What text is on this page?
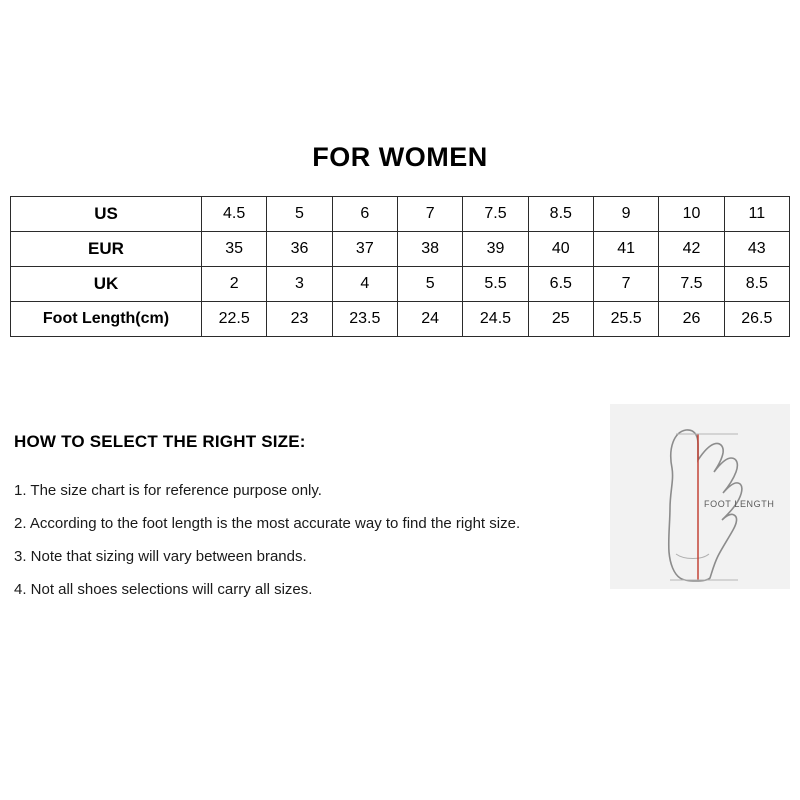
FOR WOMEN
US	4.5	5	6	7	7.5	8.5	9	10	11
EUR	35	36	37	38	39	40	41	42	43
UK	2	3	4	5	5.5	6.5	7	7.5	8.5
Foot Length(cm)	22.5	23	23.5	24	24.5	25	25.5	26	26.5
HOW TO SELECT THE RIGHT SIZE:
1. The size chart is for reference purpose only.
2. According to the foot length is the most accurate way to find the right size.
3. Note that sizing will vary between brands.
4. Not all shoes selections will carry all sizes.
FOOT LENGTH
